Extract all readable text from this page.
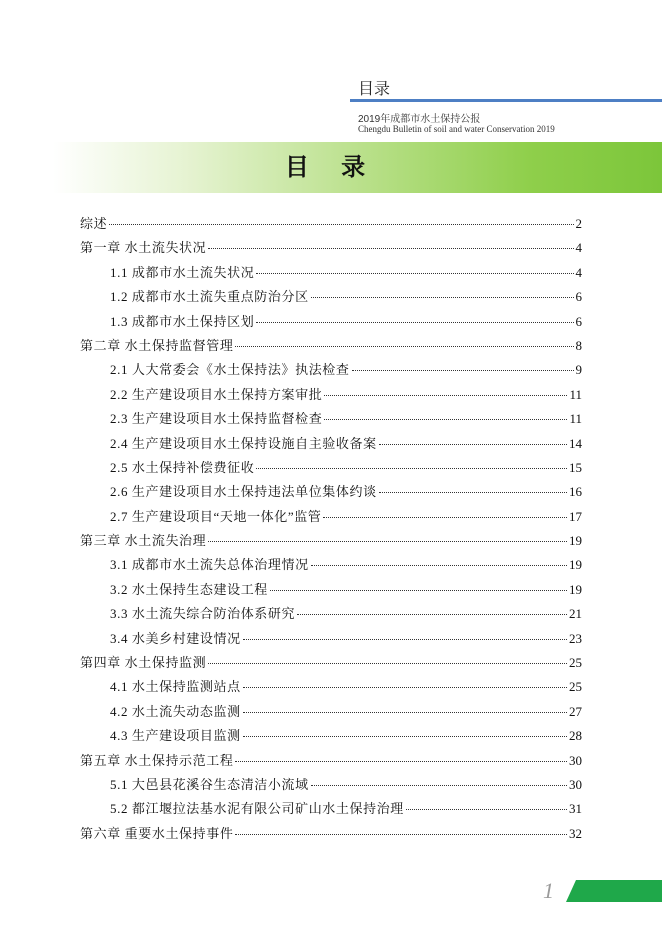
目录
2019年成都市水土保持公报
Chengdu Bulletin of soil and water Conservation 2019
目 录
综述	2
第一章 水土流失状况	4
1.1 成都市水土流失状况	4
1.2 成都市水土流失重点防治分区	6
1.3 成都市水土保持区划	6
第二章 水土保持监督管理	8
2.1 人大常委会《水土保持法》执法检查	9
2.2 生产建设项目水土保持方案审批	11
2.3 生产建设项目水土保持监督检查	11
2.4 生产建设项目水土保持设施自主验收备案	14
2.5 水土保持补偿费征收	15
2.6 生产建设项目水土保持违法单位集体约谈	16
2.7 生产建设项目“天地一体化”监管	17
第三章 水土流失治理	19
3.1 成都市水土流失总体治理情况	19
3.2 水土保持生态建设工程	19
3.3 水土流失综合防治体系研究	21
3.4 水美乡村建设情况	23
第四章 水土保持监测	25
4.1 水土保持监测站点	25
4.2 水土流失动态监测	27
4.3 生产建设项目监测	28
第五章 水土保持示范工程	30
5.1 大邑县花溪谷生态清洁小流域	30
5.2 都江堰拉法基水泥有限公司矿山水土保持治理	31
第六章 重要水土保持事件	32
1
